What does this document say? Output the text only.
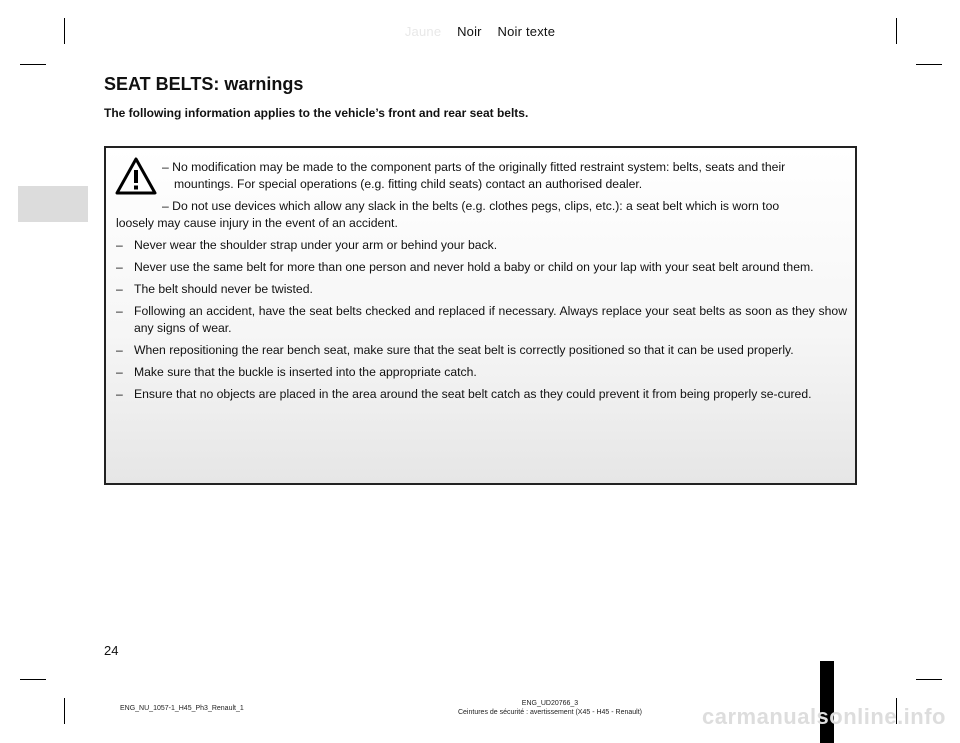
Jaune Noir Noir texte
SEAT BELTS: warnings
The following information applies to the vehicle’s front and rear seat belts.

– No modification may be made to the component parts of the originally fitted restraint system: belts, seats and their
mountings. For special operations (e.g. fitting child seats) contact an authorised dealer.

– Do not use devices which allow any slack in the belts (e.g. clothes pegs, clips, etc.): a seat belt which is worn too

loosely may cause injury in the event of an accident.

– Never wear the shoulder strap under your arm or behind your back.
– Never use the same belt for more than one person and never hold a baby or child on your lap with your seat belt around them.
– The belt should never be twisted.
– Following an accident, have the seat belts checked and replaced if necessary. Always replace your seat belts as soon as they show any signs of wear.
– When repositioning the rear bench seat, make sure that the seat belt is correctly positioned so that it can be used properly.
– Make sure that the buckle is inserted into the appropriate catch.
– Ensure that no objects are placed in the area around the seat belt catch as they could prevent it from being properly se-cured.
24
ENG_NU_1057-1_H45_Ph3_Renault_1
ENG_UD20766_3
Ceintures de sécurité : avertissement (X45 - H45 - Renault)	carmanualsonline.info
